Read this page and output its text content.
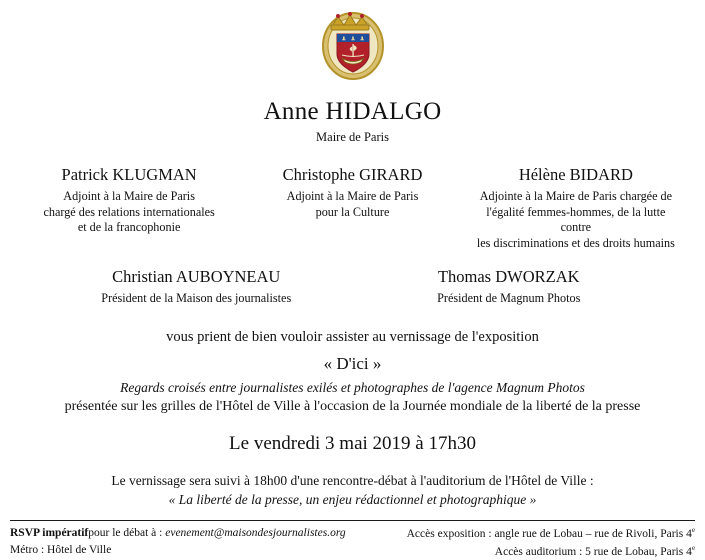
Anne HIDALGO
Maire de Paris
Patrick KLUGMAN
Adjoint à la Maire de Paris
chargé des relations internationales
et de la francophonie
Christophe GIRARD
Adjoint à la Maire de Paris
pour la Culture
Hélène BIDARD
Adjointe à la Maire de Paris chargée de
l'égalité femmes-hommes, de la lutte contre
les discriminations et des droits humains
Christian AUBOYNEAU
Président de la Maison des journalistes
Thomas DWORZAK
Président de Magnum Photos
vous prient de bien vouloir assister au vernissage de l'exposition
« D'ici »
Regards croisés entre journalistes exilés et photographes de l'agence Magnum Photos
présentée sur les grilles de l'Hôtel de Ville à l'occasion de la Journée mondiale de la liberté de la presse
Le vendredi 3 mai 2019 à 17h30
Le vernissage sera suivi à 18h00 d'une rencontre-débat à l'auditorium de l'Hôtel de Ville :
« La liberté de la presse, un enjeu rédactionnel et photographique »
RSVP impératifpour le débat à : evenement@maisondesjournalistes.org
Métro : Hôtel de Ville
Accès exposition : angle rue de Lobau – rue de Rivoli, Paris 4e
Accès auditorium : 5 rue de Lobau, Paris 4e
